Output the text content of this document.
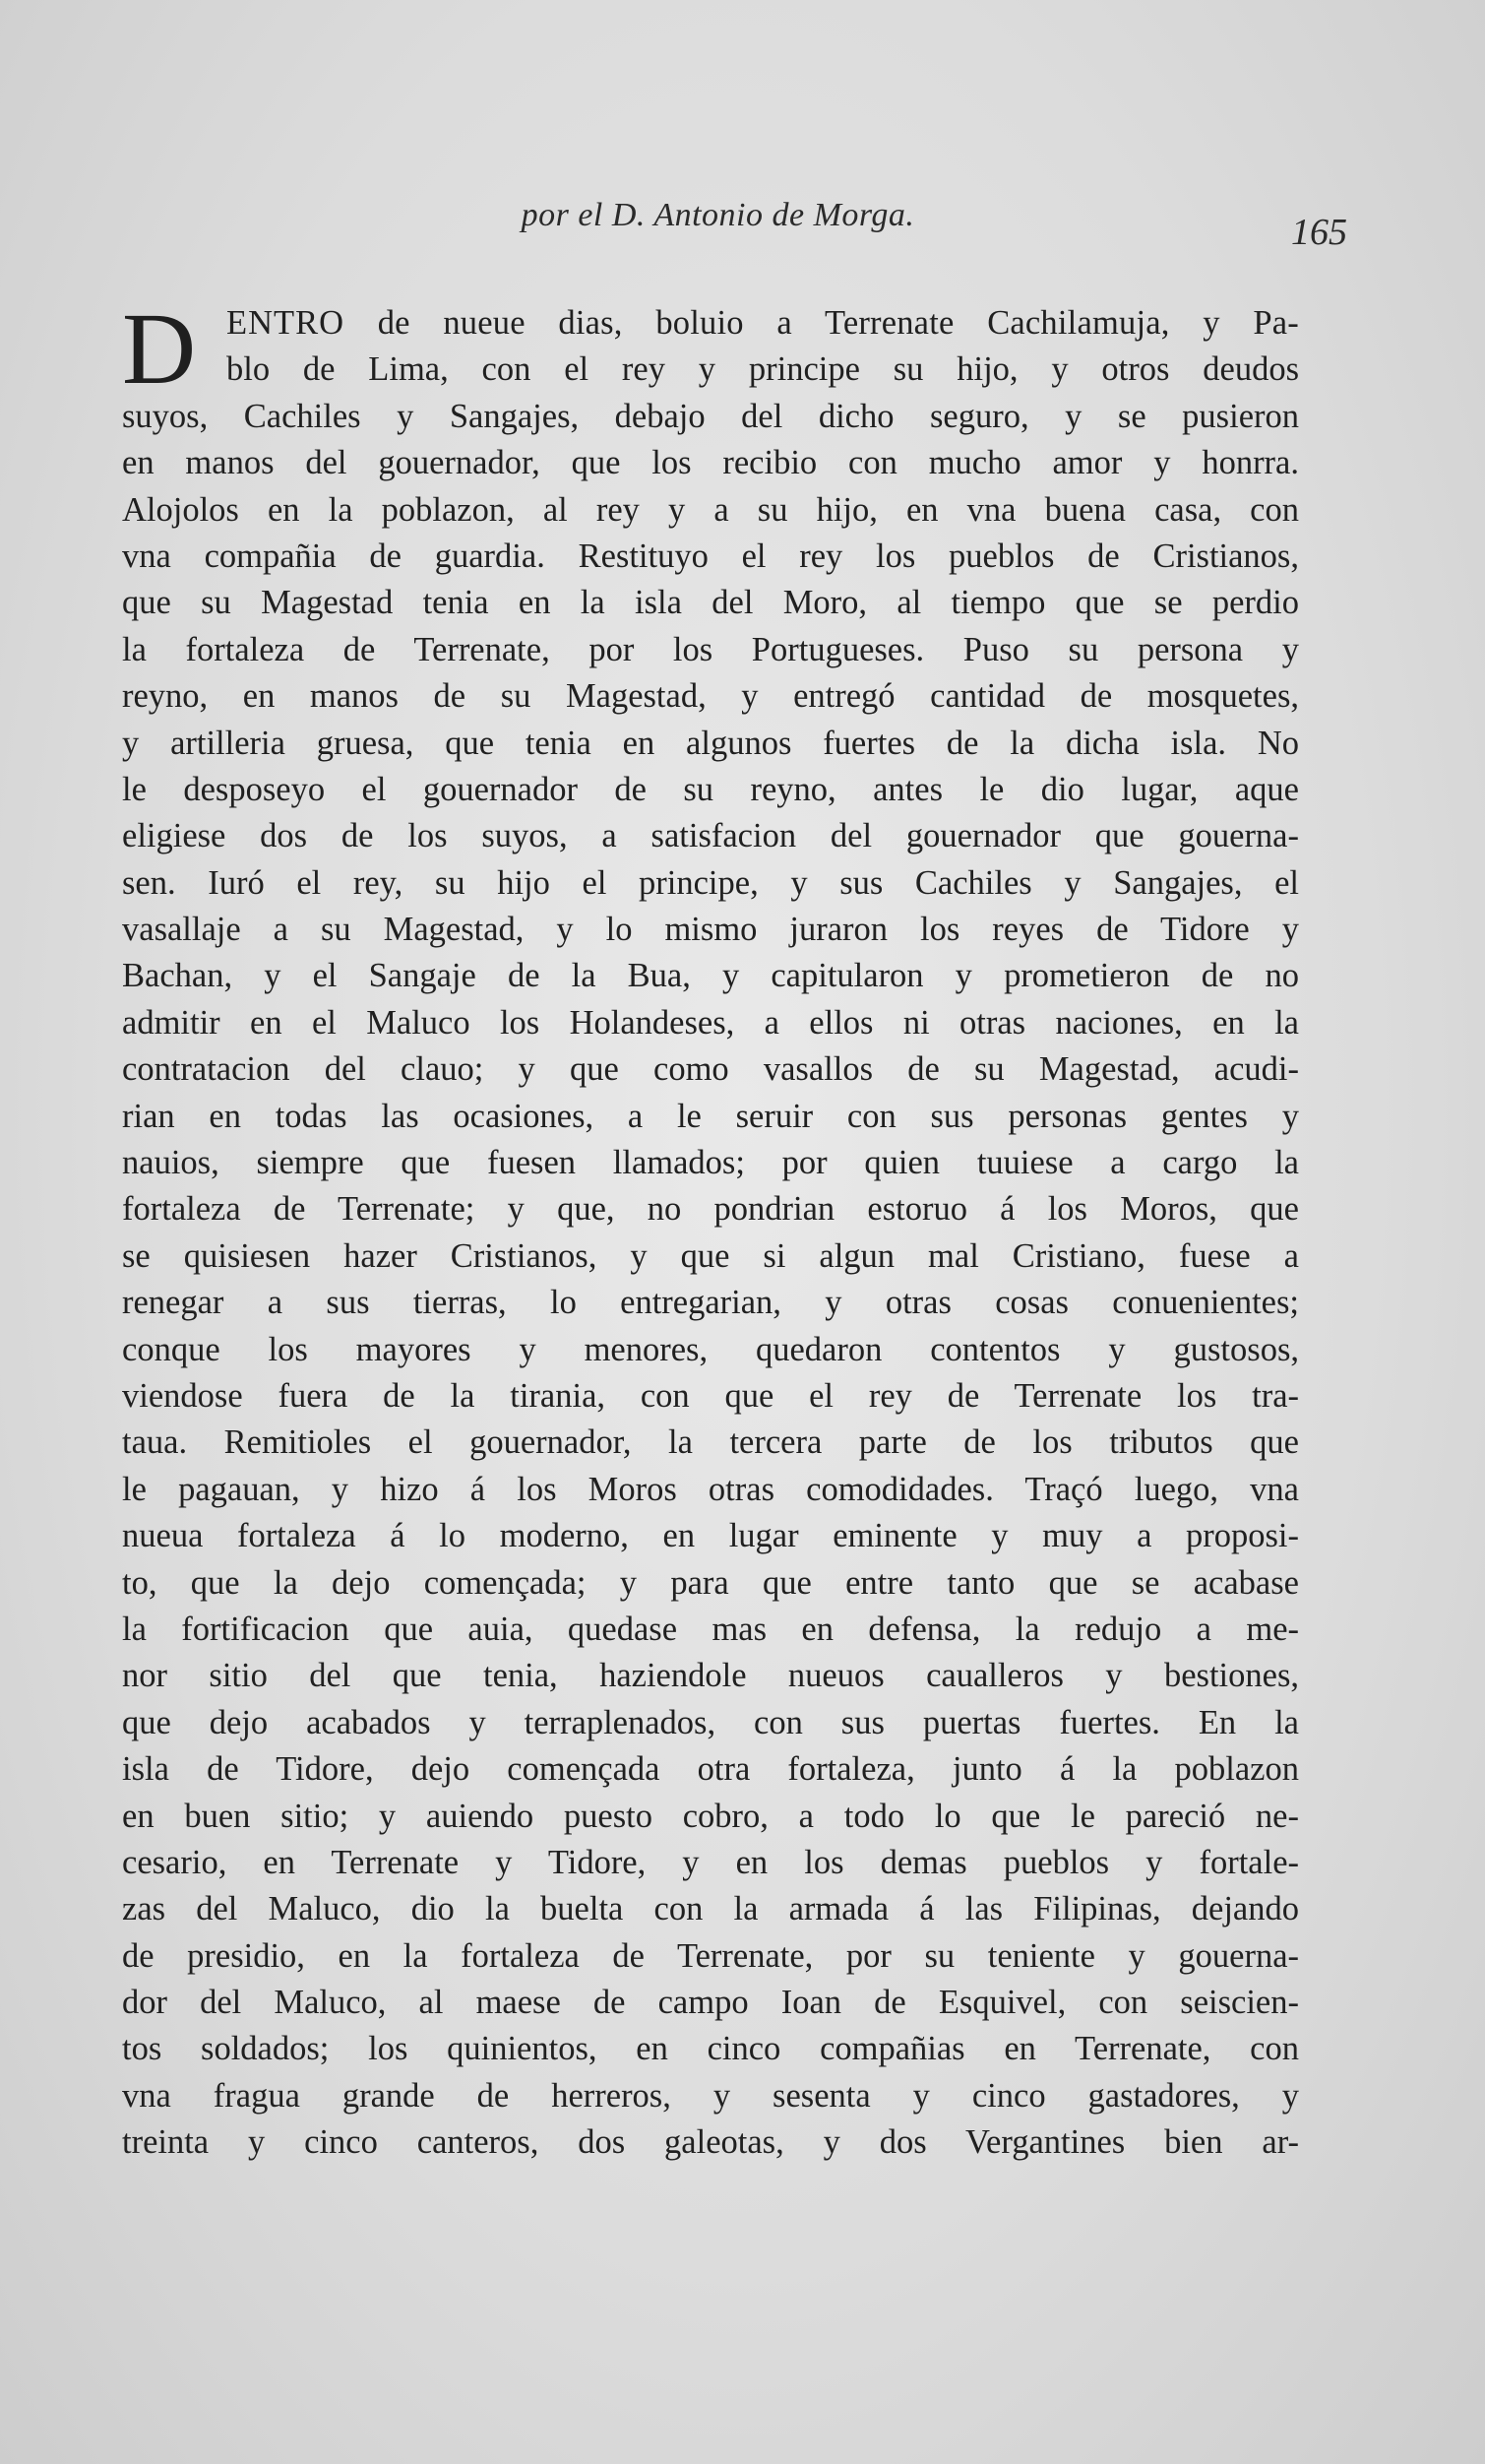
por el D. Antonio de Morga.	165
D ENTRO de nueue dias, boluio a Terrenate Cachilamuja, y Pa-
blo de Lima, con el rey y principe su hijo, y otros deudos
suyos, Cachiles y Sangajes, debajo del dicho seguro, y se pusieron
en manos del gouernador, que los recibio con mucho amor y honrra.
Alojolos en la poblazon, al rey y a su hijo, en vna buena casa, con
vna compañia de guardia. Restituyo el rey los pueblos de Cristianos,
que su Magestad tenia en la isla del Moro, al tiempo que se perdio
la fortaleza de Terrenate, por los Portugueses. Puso su persona y
reyno, en manos de su Magestad, y entregó cantidad de mosquetes,
y artilleria gruesa, que tenia en algunos fuertes de la dicha isla. No
le desposeyo el gouernador de su reyno, antes le dio lugar, aque
eligiese dos de los suyos, a satisfacion del gouernador que gouerna-
sen. Iuró el rey, su hijo el principe, y sus Cachiles y Sangajes, el
vasallaje a su Magestad, y lo mismo juraron los reyes de Tidore y
Bachan, y el Sangaje de la Bua, y capitularon y prometieron de no
admitir en el Maluco los Holandeses, a ellos ni otras naciones, en la
contratacion del clauo; y que como vasallos de su Magestad, acudi-
rian en todas las ocasiones, a le seruir con sus personas gentes y
nauios, siempre que fuesen llamados; por quien tuuiese a cargo la
fortaleza de Terrenate; y que, no pondrian estoruo á los Moros, que
se quisiesen hazer Cristianos, y que si algun mal Cristiano, fuese a
renegar a sus tierras, lo entregarian, y otras cosas conuenientes;
conque los mayores y menores, quedaron contentos y gustosos,
viendose fuera de la tirania, con que el rey de Terrenate los tra-
taua. Remitioles el gouernador, la tercera parte de los tributos que
le pagauan, y hizo á los Moros otras comodidades. Traçó luego, vna
nueua fortaleza á lo moderno, en lugar eminente y muy a proposi-
to, que la dejo començada; y para que entre tanto que se acabase
la fortificacion que auia, quedase mas en defensa, la redujo a me-
nor sitio del que tenia, haziendole nueuos caualleros y bestiones,
que dejo acabados y terraplenados, con sus puertas fuertes. En la
isla de Tidore, dejo començada otra fortaleza, junto á la poblazon
en buen sitio; y auiendo puesto cobro, a todo lo que le pareció ne-
cesario, en Terrenate y Tidore, y en los demas pueblos y fortale-
zas del Maluco, dio la buelta con la armada á las Filipinas, dejando
de presidio, en la fortaleza de Terrenate, por su teniente y gouerna-
dor del Maluco, al maese de campo Ioan de Esquivel, con seiscien-
tos soldados; los quinientos, en cinco compañias en Terrenate, con
vna fragua grande de herreros, y sesenta y cinco gastadores, y
treinta y cinco canteros, dos galeotas, y dos Vergantines bien ar-
